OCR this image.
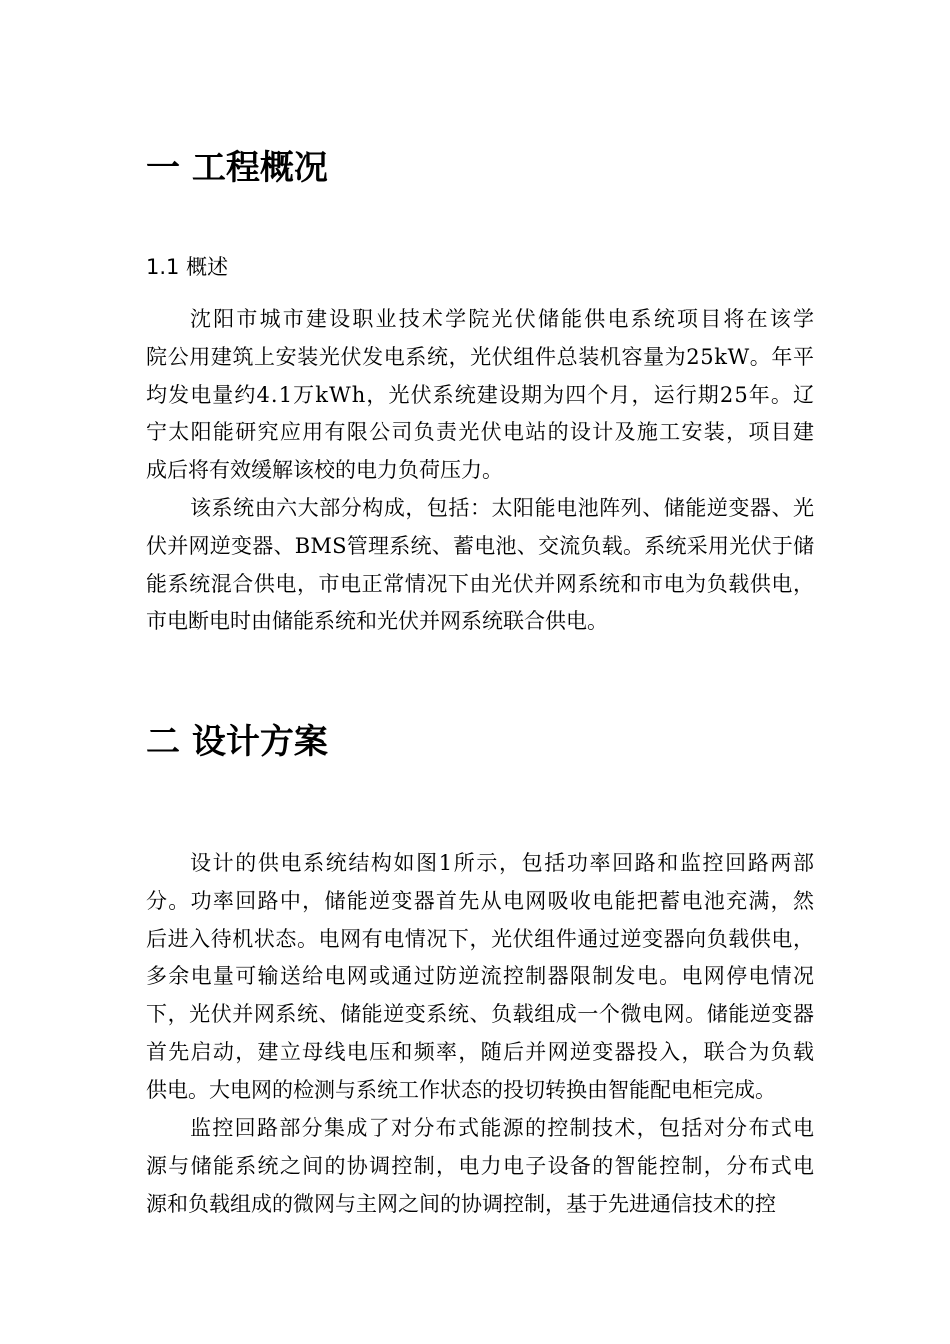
一 工程概况
1.1 概述
沈阳市城市建设职业技术学院光伏储能供电系统项目将在该学
院公用建筑上安装光伏发电系统，光伏组件总装机容量为25kW。年平
均发电量约4.1万kWh，光伏系统建设期为四个月，运行期25年。辽
宁太阳能研究应用有限公司负责光伏电站的设计及施工安装，项目建
成后将有效缓解该校的电力负荷压力。
该系统由六大部分构成，包括：太阳能电池阵列、储能逆变器、光
伏并网逆变器、BMS管理系统、蓄电池、交流负载。系统采用光伏于储
能系统混合供电，市电正常情况下由光伏并网系统和市电为负载供电，
市电断电时由储能系统和光伏并网系统联合供电。
二 设计方案
设计的供电系统结构如图1所示，包括功率回路和监控回路两部
分。功率回路中，储能逆变器首先从电网吸收电能把蓄电池充满，然
后进入待机状态。电网有电情况下，光伏组件通过逆变器向负载供电，
多余电量可输送给电网或通过防逆流控制器限制发电。电网停电情况
下，光伏并网系统、储能逆变系统、负载组成一个微电网。储能逆变器
首先启动，建立母线电压和频率，随后并网逆变器投入，联合为负载
供电。大电网的检测与系统工作状态的投切转换由智能配电柜完成。
监控回路部分集成了对分布式能源的控制技术，包括对分布式电
源与储能系统之间的协调控制，电力电子设备的智能控制，分布式电
源和负载组成的微网与主网之间的协调控制，基于先进通信技术的控
